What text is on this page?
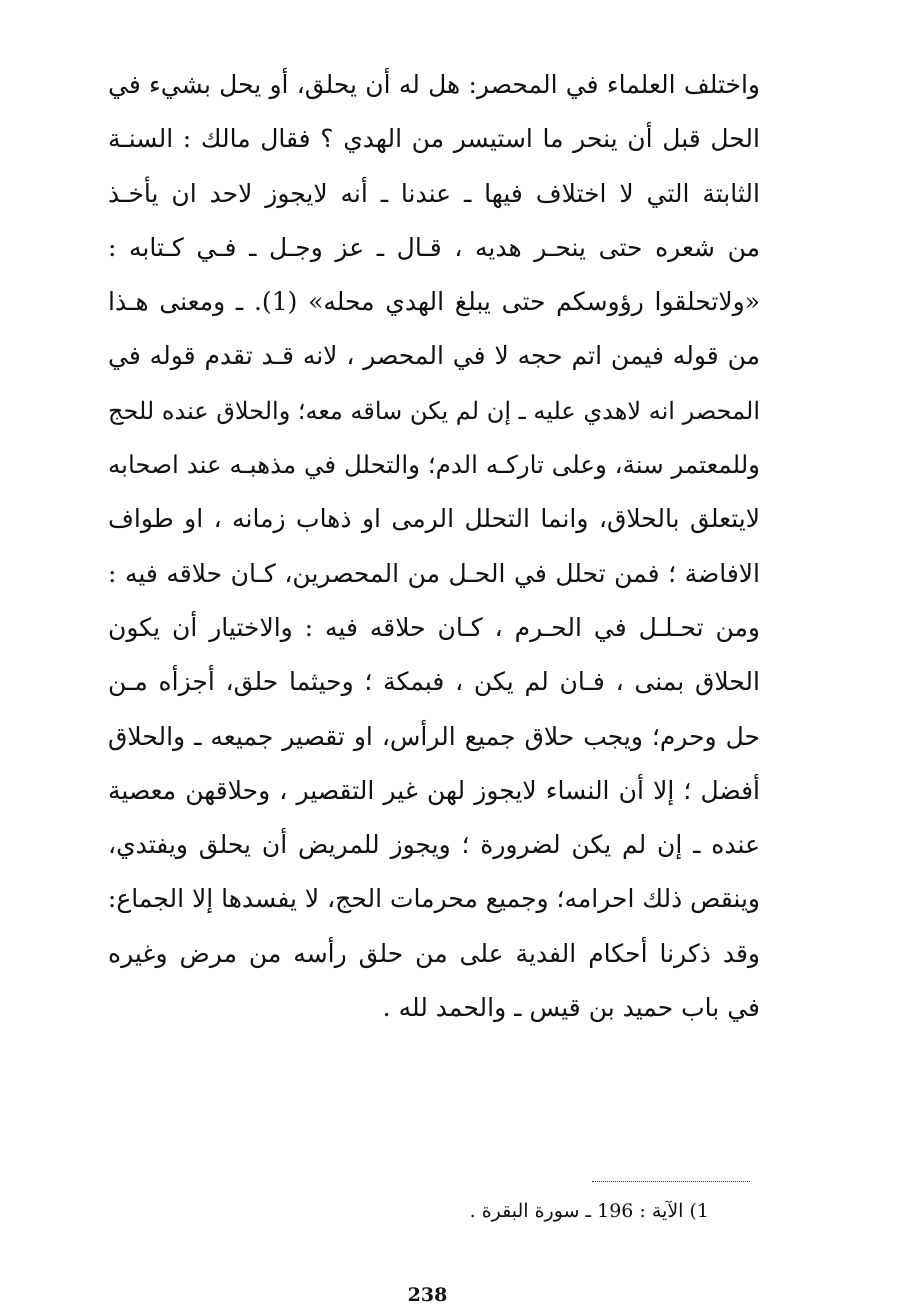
واختلف العلماء في المحصر: هل له أن يحلق، أو يحل بشيء في
الحل قبل أن ينحر ما استيسر من الهدي ؟ فقال مالك : السنـة
الثابتة التي لا اختلاف فيها ـ عندنا ـ أنه لايجوز لاحد ان يأخـذ
من شعره حتى ينحـر هديه ، قـال ـ عز وجـل ـ فـي كـتابه :
«ولاتحلقوا رؤوسكم حتى يبلغ الهدي محله» (1). ـ ومعنى هـذا
من قوله فيمن اتم حجه لا في المحصر ، لانه قـد تقدم قوله في
المحصر انه لاهدي عليه ـ إن لم يكن ساقه معه؛ والحلاق عنده للحج
وللمعتمر سنة، وعلى تاركـه الدم؛ والتحلل في مذهبـه عند اصحابه
لايتعلق بالحلاق، وانما التحلل الرمى او ذهاب زمانه ، او طواف
الافاضة ؛ فمن تحلل في الحـل من المحصرين، كـان حلاقه فيه :
ومن تحـلـل في الحـرم ، كـان حلاقه فيه : والاختيار أن يكون
الحلاق بمنى ، فـان لم يكن ، فبمكة ؛ وحيثما حلق، أجزأه مـن
حل وحرم؛ ويجب حلاق جميع الرأس، او تقصير جميعه ـ والحلاق
أفضل ؛ إلا أن النساء لايجوز لهن غير التقصير ، وحلاقهن معصية
عنده ـ إن لم يكن لضرورة ؛ ويجوز للمريض أن يحلق ويفتدي،
وينقص ذلك احرامه؛ وجميع محرمات الحج، لا يفسدها إلا الجماع:
وقد ذكرنا أحكام الفدية على من حلق رأسه من مرض وغيره
في باب حميد بن قيس ـ والحمد لله .
1) الآية : 196 ـ سورة البقرة .
238
